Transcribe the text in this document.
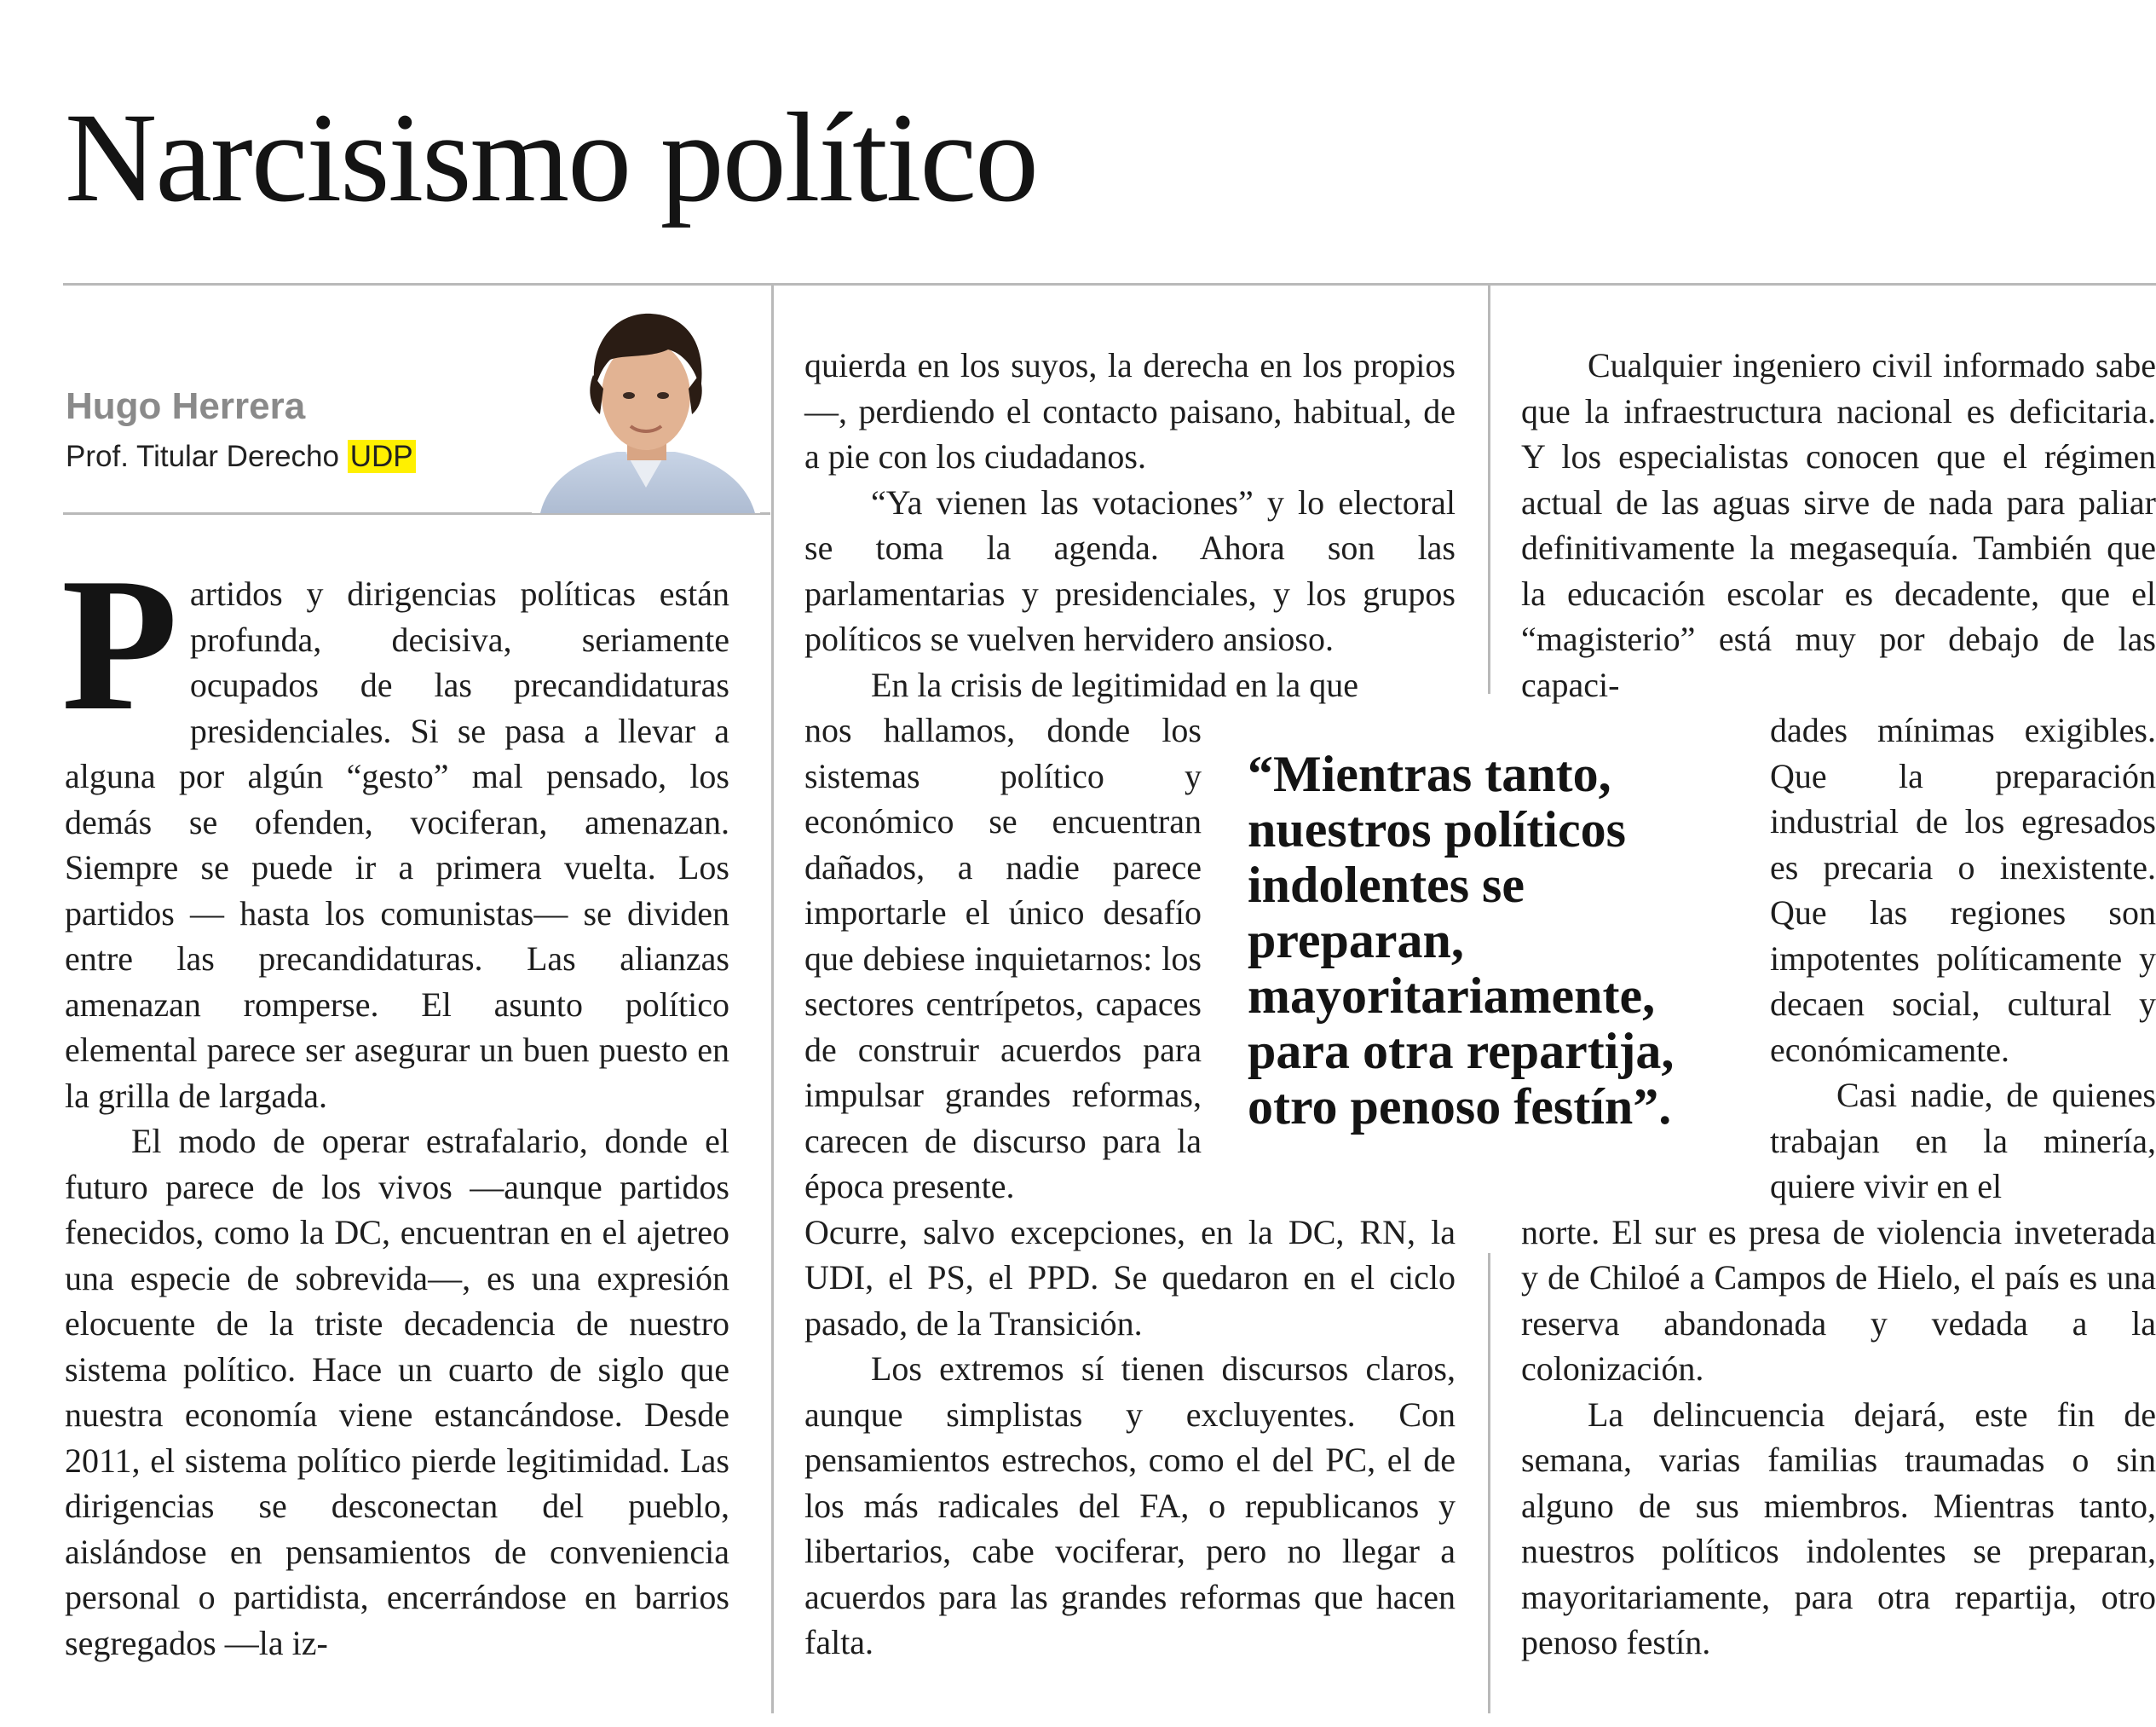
Narcisismo político
Hugo Herrera
Prof. Titular Derecho UDP

Partidos y dirigencias políticas están profunda, decisiva, seriamente ocupados de las precandidaturas presidenciales. Si se pasa a llevar a alguna por algún “gesto” mal pensado, los demás se ofenden, vociferan, amenazan. Siempre se puede ir a primera vuelta. Los partidos — hasta los comunistas— se dividen entre las precandidaturas. Las alianzas amenazan romperse. El asunto político elemental parece ser asegurar un buen puesto en la grilla de largada.

El modo de operar estrafalario, donde el futuro parece de los vivos —aunque partidos fenecidos, como la DC, encuentran en el ajetreo una especie de sobrevida—, es una expresión elocuente de la triste decadencia de nuestro sistema político. Hace un cuarto de siglo que nuestra economía viene estancándose. Desde 2011, el sistema político pierde legitimidad. Las dirigencias se desconectan del pueblo, aislándose en pensamientos de conveniencia personal o partidista, encerrándose en barrios segregados —la iz-

quierda en los suyos, la derecha en los propios—, perdiendo el contacto paisano, habitual, de a pie con los ciudadanos.

“Ya vienen las votaciones” y lo electoral se toma la agenda. Ahora son las parlamentarias y presidenciales, y los grupos políticos se vuelven hervidero ansioso.

En la crisis de legitimidad en la que

nos hallamos, donde los sistemas político y económico se encuentran dañados, a nadie parece importarle el único desafío que debiese inquietarnos: los sectores centrípetos, capaces de construir acuerdos para impulsar grandes reformas, carecen de discurso para la época presente.

Ocurre, salvo excepciones, en la DC, RN, la UDI, el PS, el PPD. Se quedaron en el ciclo pasado, de la Transición.

Los extremos sí tienen discursos claros, aunque simplistas y excluyentes. Con pensamientos estrechos, como el del PC, el de los más radicales del FA, o republicanos y libertarios, cabe vociferar, pero no llegar a acuerdos para las grandes reformas que hacen falta.

“Mientras tanto, nuestros políticos indolentes se preparan, mayoritariamente, para otra repartija, otro penoso festín”.

Cualquier ingeniero civil informado sabe que la infraestructura nacional es deficitaria. Y los especialistas conocen que el régimen actual de las aguas sirve de nada para paliar definitivamente la megasequía. También que la educación escolar es decadente, que el “magisterio” está muy por debajo de las capaci-

dades mínimas exigibles. Que la preparación industrial de los egresados es precaria o inexistente. Que las regiones son impotentes políticamente y decaen social, cultural y económicamente.

Casi nadie, de quienes trabajan en la minería, quiere vivir en el

norte. El sur es presa de violencia inveterada y de Chiloé a Campos de Hielo, el país es una reserva abandonada y vedada a la colonización.

La delincuencia dejará, este fin de semana, varias familias traumadas o sin alguno de sus miembros. Mientras tanto, nuestros políticos indolentes se preparan, mayoritariamente, para otra repartija, otro penoso festín.
